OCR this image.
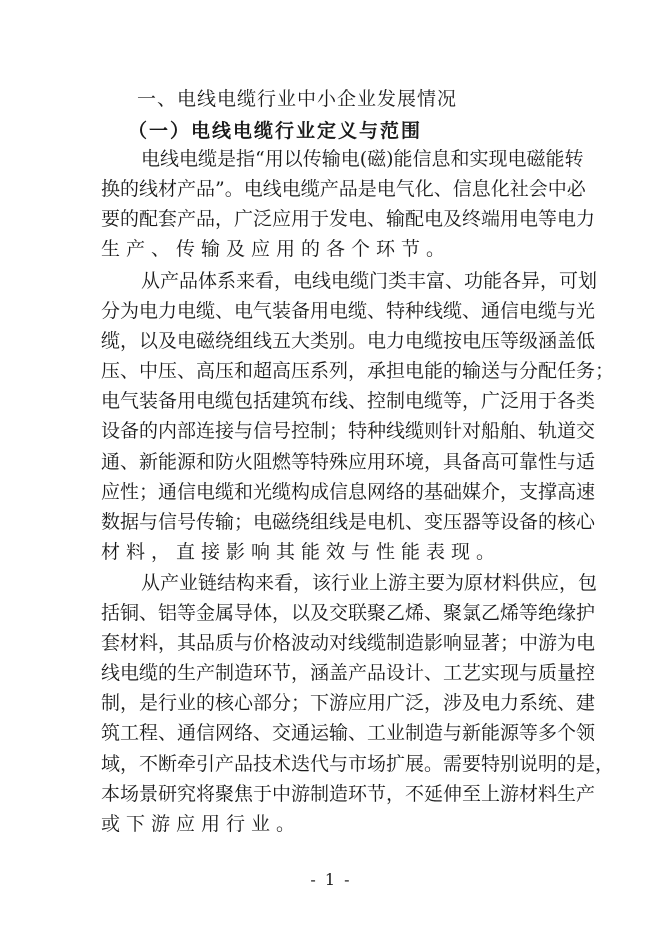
一、电线电缆行业中小企业发展情况
（一）电线电缆行业定义与范围
电线电缆是指“用以传输电(磁)能信息和实现电磁能转
换的线材产品”。电线电缆产品是电气化、信息化社会中必
要的配套产品，广泛应用于发电、输配电及终端用电等电力
生产、传输及应用的各个环节。
从产品体系来看，电线电缆门类丰富、功能各异，可划
分为电力电缆、电气装备用电缆、特种线缆、通信电缆与光
缆，以及电磁绕组线五大类别。电力电缆按电压等级涵盖低
压、中压、高压和超高压系列，承担电能的输送与分配任务；
电气装备用电缆包括建筑布线、控制电缆等，广泛用于各类
设备的内部连接与信号控制；特种线缆则针对船舶、轨道交
通、新能源和防火阻燃等特殊应用环境，具备高可靠性与适
应性；通信电缆和光缆构成信息网络的基础媒介，支撑高速
数据与信号传输；电磁绕组线是电机、变压器等设备的核心
材料，直接影响其能效与性能表现。
从产业链结构来看，该行业上游主要为原材料供应，包
括铜、铝等金属导体，以及交联聚乙烯、聚氯乙烯等绝缘护
套材料，其品质与价格波动对线缆制造影响显著；中游为电
线电缆的生产制造环节，涵盖产品设计、工艺实现与质量控
制，是行业的核心部分；下游应用广泛，涉及电力系统、建
筑工程、通信网络、交通运输、工业制造与新能源等多个领
域，不断牵引产品技术迭代与市场扩展。需要特别说明的是，
本场景研究将聚焦于中游制造环节，不延伸至上游材料生产
或下游应用行业。
- 1 -
